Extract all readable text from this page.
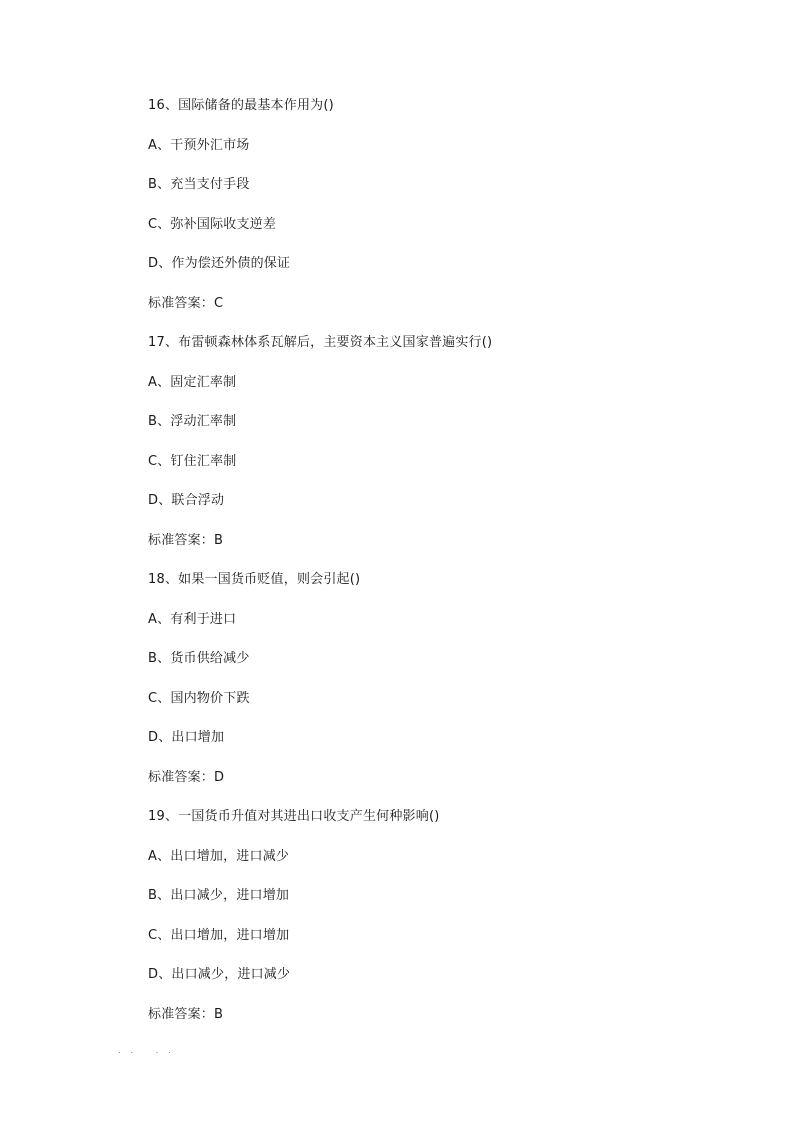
16、国际储备的最基本作用为()
A、干预外汇市场
B、充当支付手段
C、弥补国际收支逆差
D、作为偿还外债的保证
标准答案：C
17、布雷顿森林体系瓦解后，主要资本主义国家普遍实行()
A、固定汇率制
B、浮动汇率制
C、钉住汇率制
D、联合浮动
标准答案：B
18、如果一国货币贬值，则会引起()
A、有利于进口
B、货币供给减少
C、国内物价下跌
D、出口增加
标准答案：D
19、一国货币升值对其进出口收支产生何种影响()
A、出口增加，进口减少
B、出口减少，进口增加
C、出口增加，进口增加
D、出口减少，进口减少
标准答案：B
.. ..
